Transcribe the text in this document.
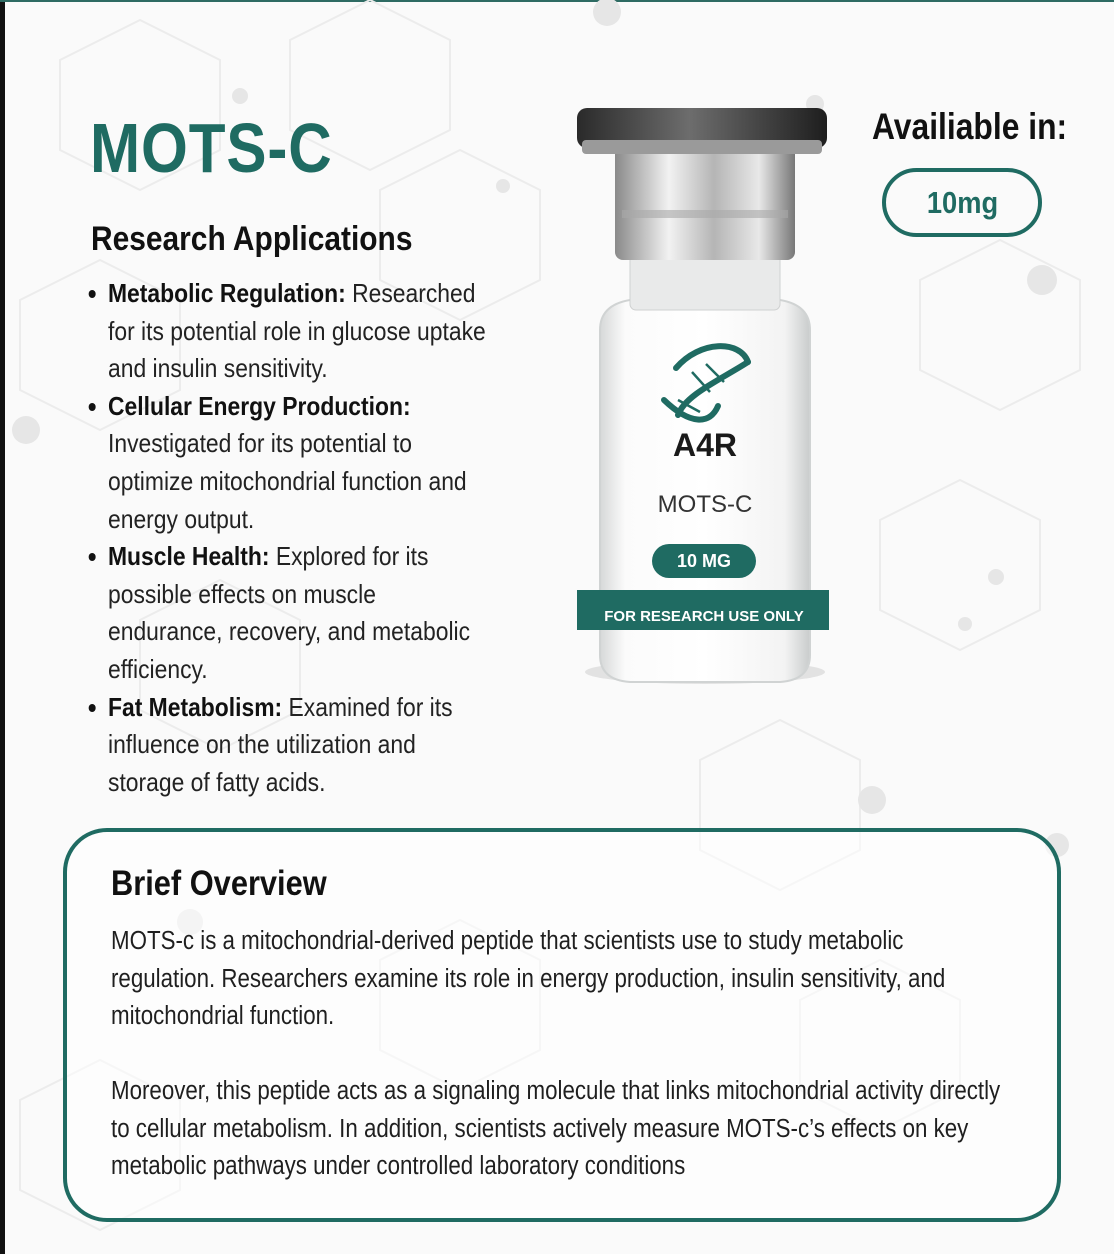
MOTS-C
Research Applications
Metabolic Regulation: Researched for its potential role in glucose uptake and insulin sensitivity.
Cellular Energy Production: Investigated for its potential to optimize mitochondrial function and energy output.
Muscle Health: Explored for its possible effects on muscle endurance, recovery, and metabolic efficiency.
Fat Metabolism: Examined for its influence on the utilization and storage of fatty acids.
Availiable in:
10mg
A4R
MOTS-C
10 MG
FOR RESEARCH USE ONLY
Brief Overview

MOTS-c is a mitochondrial-derived peptide that scientists use to study metabolic regulation. Researchers examine its role in energy production, insulin sensitivity, and mitochondrial function.

Moreover, this peptide acts as a signaling molecule that links mitochondrial activity directly to cellular metabolism. In addition, scientists actively measure MOTS-c’s effects on key metabolic pathways under controlled laboratory conditions
